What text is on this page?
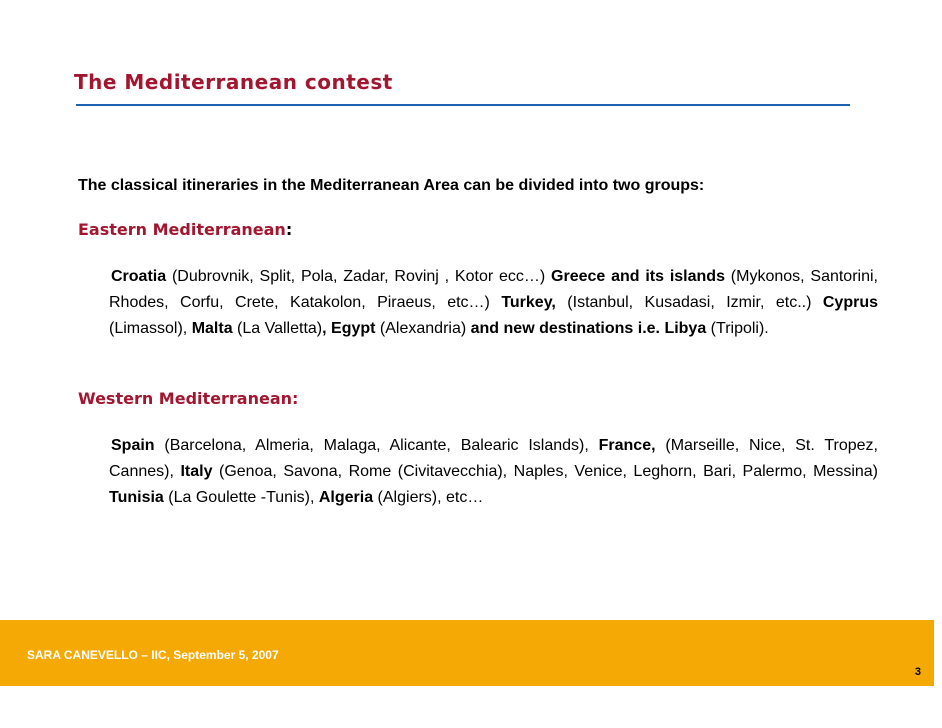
The Mediterranean contest
The classical itineraries in the Mediterranean Area can be divided into two groups:
Eastern Mediterranean:
Croatia (Dubrovnik, Split, Pola, Zadar, Rovinj , Kotor ecc…) Greece and its islands (Mykonos, Santorini, Rhodes, Corfu, Crete, Katakolon, Piraeus, etc…) Turkey, (Istanbul, Kusadasi, Izmir, etc..) Cyprus (Limassol), Malta (La Valletta), Egypt (Alexandria) and new destinations i.e. Libya (Tripoli).
Western Mediterranean:
Spain (Barcelona, Almeria, Malaga, Alicante, Balearic Islands), France, (Marseille, Nice, St. Tropez, Cannes), Italy (Genoa, Savona, Rome (Civitavecchia), Naples, Venice, Leghorn, Bari, Palermo, Messina) Tunisia (La Goulette -Tunis), Algeria (Algiers), etc…
SARA CANEVELLO – IIC, September 5, 2007
3
